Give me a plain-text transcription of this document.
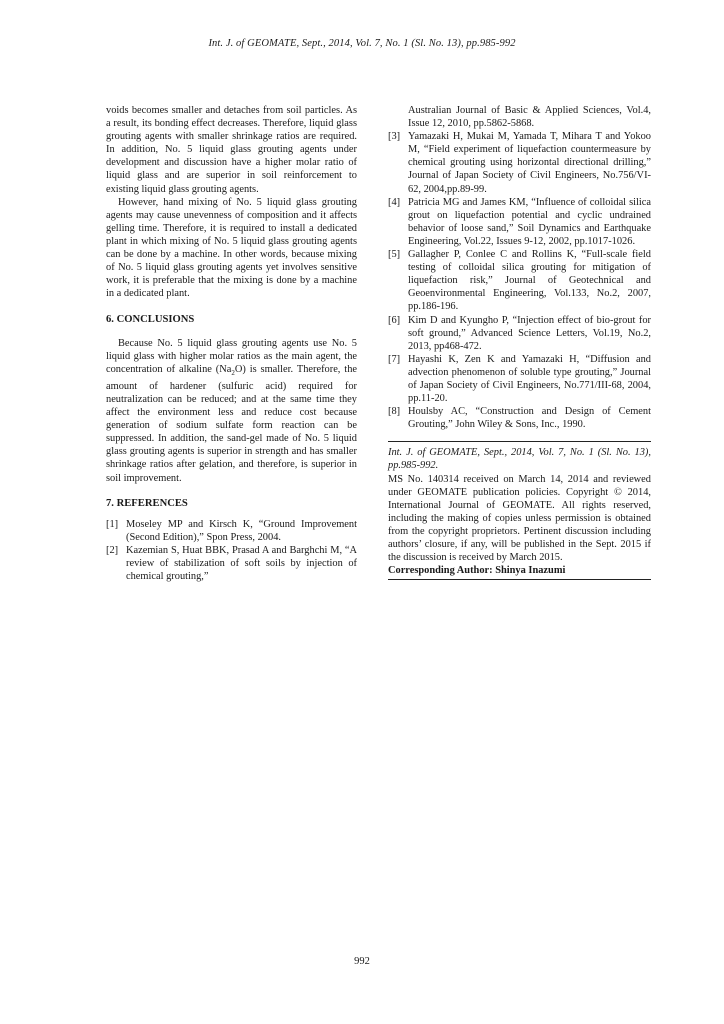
Int. J. of GEOMATE, Sept., 2014, Vol. 7, No. 1 (Sl. No. 13), pp.985-992

voids becomes smaller and detaches from soil particles. As a result, its bonding effect decreases. Therefore, liquid glass grouting agents with smaller shrinkage ratios are required. In addition, No. 5 liquid glass grouting agents under development and discussion have a higher molar ratio of liquid glass and are superior in soil reinforcement to existing liquid glass grouting agents.

However, hand mixing of No. 5 liquid glass grouting agents may cause unevenness of composition and it affects gelling time. Therefore, it is required to install a dedicated plant in which mixing of No. 5 liquid glass grouting agents can be done by a machine. In other words, because mixing of No. 5 liquid glass grouting agents yet involves sensitive work, it is preferable that the mixing is done by a machine in a dedicated plant.

6. CONCLUSIONS

Because No. 5 liquid glass grouting agents use No. 5 liquid glass with higher molar ratios as the main agent, the concentration of alkaline $(Na_2O)$ is smaller. Therefore, the amount of hardener (sulfuric acid) required for neutralization can be reduced; and at the same time they affect the environment less and reduce cost because generation of sodium sulfate form reaction can be suppressed. In addition, the sand-gel made of No. 5 liquid glass grouting agents is superior in strength and has smaller shrinkage ratios after gelation, and therefore, is superior in soil improvement.

7. REFERENCES
[1] Moseley MP and Kirsch K, “Ground Improvement (Second Edition),” Spon Press, 2004.
[2] Kazemian S, Huat BBK, Prasad A and Barghchi M, “A review of stabilization of soft soils by injection of chemical grouting,”
Australian Journal of Basic & Applied Sciences, Vol.4, Issue 12, 2010, pp.5862-5868.
[3] Yamazaki H, Mukai M, Yamada T, Mihara T and Yokoo M, “Field experiment of liquefaction countermeasure by chemical grouting using horizontal directional drilling,” Journal of Japan Society of Civil Engineers, No.756/VI-62, 2004,pp.89-99.
[4] Patricia MG and James KM, “Influence of colloidal silica grout on liquefaction potential and cyclic undrained behavior of loose sand,” Soil Dynamics and Earthquake Engineering, Vol.22, Issues 9-12, 2002, pp.1017-1026.
[5] Gallagher P, Conlee C and Rollins K, “Full-scale field testing of colloidal silica grouting for mitigation of liquefaction risk,” Journal of Geotechnical and Geoenvironmental Engineering, Vol.133, No.2, 2007, pp.186-196.
[6] Kim D and Kyungho P, “Injection effect of bio-grout for soft ground,” Advanced Science Letters, Vol.19, No.2, 2013, pp468-472.
[7] Hayashi K, Zen K and Yamazaki H, “Diffusion and advection phenomenon of soluble type grouting,” Journal of Japan Society of Civil Engineers, No.771/III-68, 2004, pp.11-20.
[8] Houlsby AC, “Construction and Design of Cement Grouting,” John Wiley & Sons, Inc., 1990.

Int. J. of GEOMATE, Sept., 2014, Vol. 7, No. 1 (Sl. No. 13), pp.985-992.

MS No. 140314 received on March 14, 2014 and reviewed under GEOMATE publication policies. Copyright © 2014, International Journal of GEOMATE. All rights reserved, including the making of copies unless permission is obtained from the copyright proprietors. Pertinent discussion including authors’ closure, if any, will be published in the Sept. 2015 if the discussion is received by March 2015.

Corresponding Author: Shinya Inazumi

992
